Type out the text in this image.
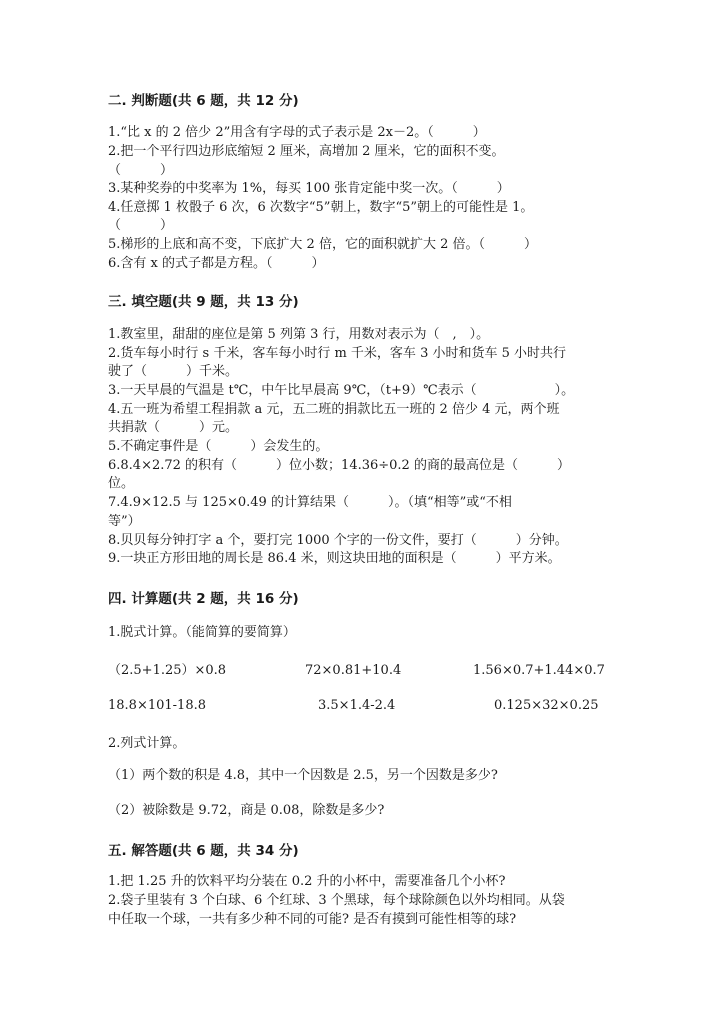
二. 判断题(共 6 题，共 12 分)
1.“比 x 的 2 倍少 2”用含有字母的式子表示是 2x－2。（　　　）
2.把一个平行四边形底缩短 2 厘米，高增加 2 厘米，它的面积不变。
（　　　）
3.某种奖券的中奖率为 1%，每买 100 张肯定能中奖一次。（　　　）
4.任意掷 1 枚骰子 6 次，6 次数字“5”朝上，数字“5”朝上的可能性是 1。
（　　　）
5.梯形的上底和高不变，下底扩大 2 倍，它的面积就扩大 2 倍。（　　　）
6.含有 x 的式子都是方程。（　　　）
三. 填空题(共 9 题，共 13 分)
1.教室里，甜甜的座位是第 5 列第 3 行，用数对表示为（　,　）。
2.货车每小时行 s 千米，客车每小时行 m 千米，客车 3 小时和货车 5 小时共行
驶了（　　　）千米。
3.一天早晨的气温是 t℃，中午比早晨高 9℃，（t+9）℃表示（　　　　　　）。
4.五一班为希望工程捐款 a 元，五二班的捐款比五一班的 2 倍少 4 元，两个班
共捐款（　　　）元。
5.不确定事件是（　　　）会发生的。
6.8.4×2.72 的积有（　　　）位小数；14.36÷0.2 的商的最高位是（　　　）
位。
7.4.9×12.5 与 125×0.49 的计算结果（　　　）。（填“相等”或“不相
等”）
8.贝贝每分钟打字 a 个，要打完 1000 个字的一份文件，要打（　　　）分钟。
9.一块正方形田地的周长是 86.4 米，则这块田地的面积是（　　　）平方米。
四. 计算题(共 2 题，共 16 分)
1.脱式计算。（能简算的要简算）
（2.5+1.25）×0.8	72×0.81+10.4	1.56×0.7+1.44×0.7
18.8×101-18.8	3.5×1.4-2.4	0.125×32×0.25
2.列式计算。
（1）两个数的积是 4.8，其中一个因数是 2.5，另一个因数是多少?
（2）被除数是 9.72，商是 0.08，除数是多少?
五. 解答题(共 6 题，共 34 分)
1.把 1.25 升的饮料平均分装在 0.2 升的小杯中，需要准备几个小杯?
2.袋子里装有 3 个白球、6 个红球、3 个黑球，每个球除颜色以外均相同。从袋
中任取一个球，一共有多少种不同的可能? 是否有摸到可能性相等的球?
